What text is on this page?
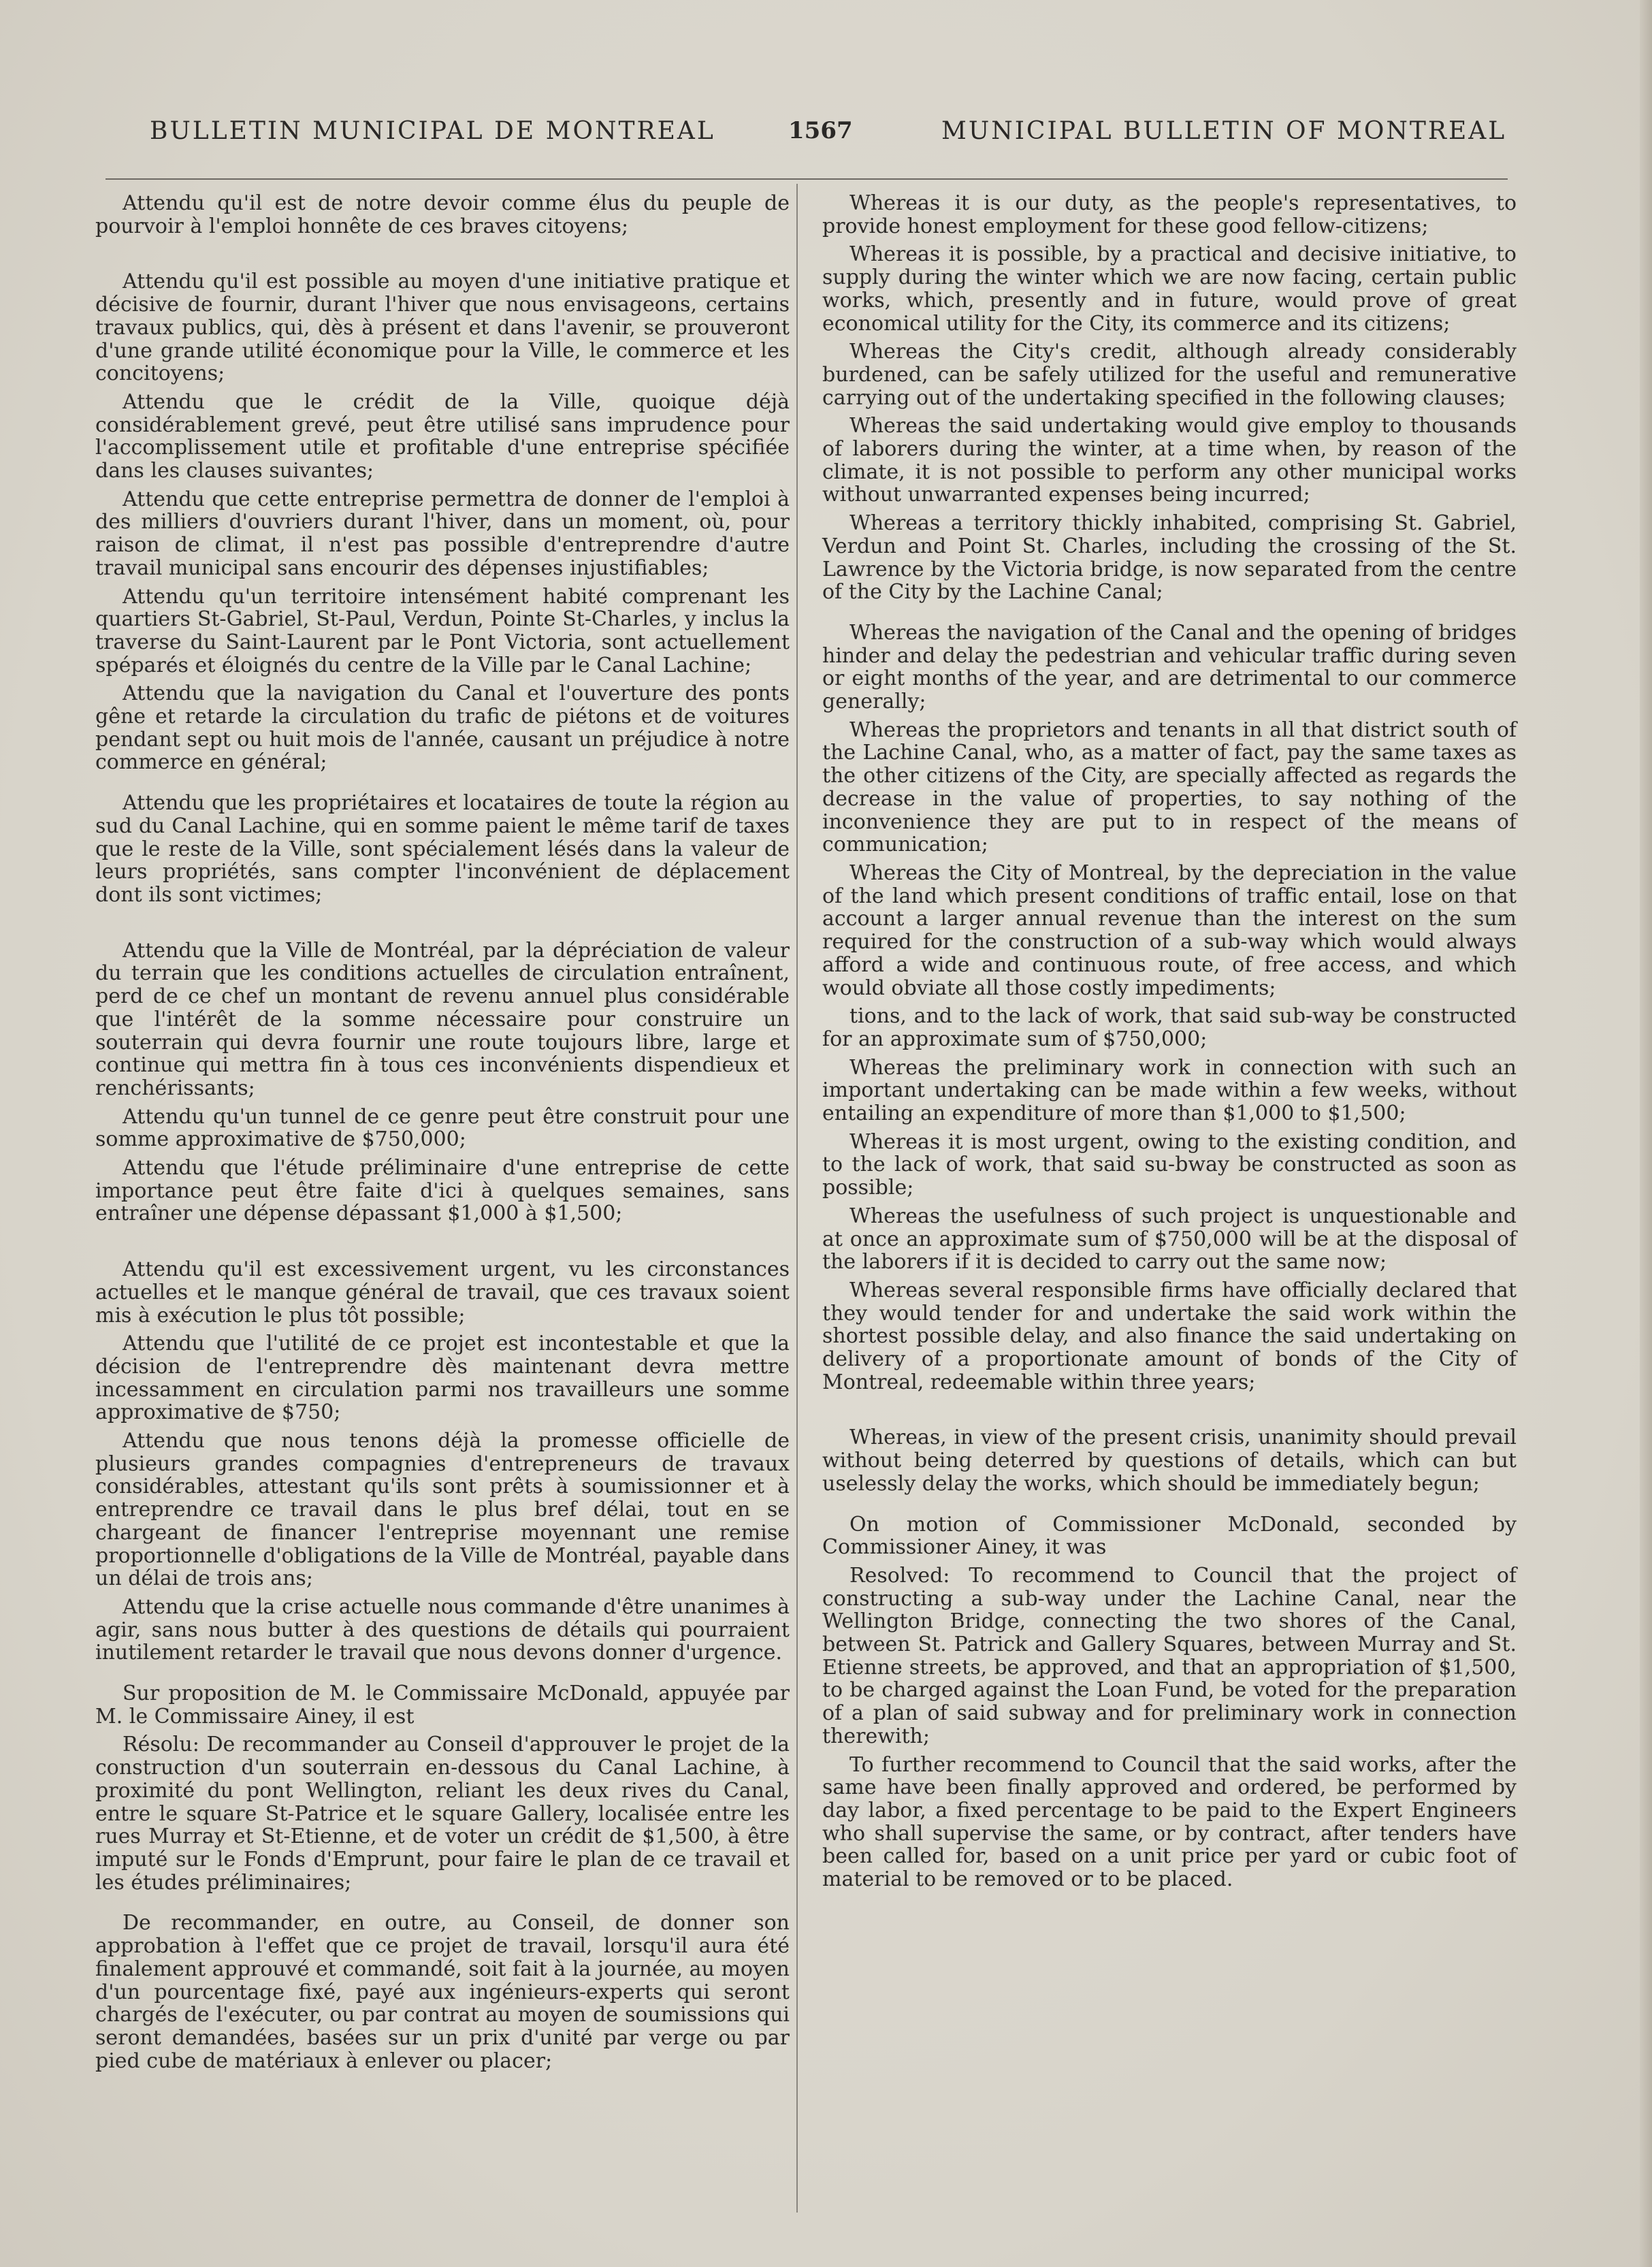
BULLETIN MUNICIPAL DE MONTREAL	1567	MUNICIPAL BULLETIN OF MONTREAL

Attendu qu'il est de notre devoir comme élus du peuple de pourvoir à l'emploi honnête de ces braves citoyens;

Attendu qu'il est possible au moyen d'une initiative pratique et décisive de fournir, durant l'hiver que nous envisageons, certains travaux publics, qui, dès à présent et dans l'avenir, se prouveront d'une grande utilité économique pour la Ville, le commerce et les concitoyens;

Attendu que le crédit de la Ville, quoique déjà considérablement grevé, peut être utilisé sans imprudence pour l'accomplissement utile et profitable d'une entreprise spécifiée dans les clauses suivantes;

Attendu que cette entreprise permettra de donner de l'emploi à des milliers d'ouvriers durant l'hiver, dans un moment, où, pour raison de climat, il n'est pas possible d'entreprendre d'autre travail municipal sans encourir des dépenses injustifiables;

Attendu qu'un territoire intensément habité comprenant les quartiers St-Gabriel, St-Paul, Verdun, Pointe St-Charles, y inclus la traverse du Saint-Laurent par le Pont Victoria, sont actuellement spéparés et éloignés du centre de la Ville par le Canal Lachine;

Attendu que la navigation du Canal et l'ouverture des ponts gêne et retarde la circulation du trafic de piétons et de voitures pendant sept ou huit mois de l'année, causant un préjudice à notre commerce en général;

Attendu que les propriétaires et locataires de toute la région au sud du Canal Lachine, qui en somme paient le même tarif de taxes que le reste de la Ville, sont spécialement lésés dans la valeur de leurs propriétés, sans compter l'inconvénient de déplacement dont ils sont victimes;

Attendu que la Ville de Montréal, par la dépréciation de valeur du terrain que les conditions actuelles de circulation entraînent, perd de ce chef un montant de revenu annuel plus considérable que l'intérêt de la somme nécessaire pour construire un souterrain qui devra fournir une route toujours libre, large et continue qui mettra fin à tous ces inconvénients dispendieux et renchérissants;

Attendu qu'un tunnel de ce genre peut être construit pour une somme approximative de $750,000;

Attendu que l'étude préliminaire d'une entreprise de cette importance peut être faite d'ici à quelques semaines, sans entraîner une dépense dépassant $1,000 à $1,500;

Attendu qu'il est excessivement urgent, vu les circonstances actuelles et le manque général de travail, que ces travaux soient mis à exécution le plus tôt possible;

Attendu que l'utilité de ce projet est incontestable et que la décision de l'entreprendre dès maintenant devra mettre incessamment en circulation parmi nos travailleurs une somme approximative de $750;

Attendu que nous tenons déjà la promesse officielle de plusieurs grandes compagnies d'entrepreneurs de travaux considérables, attestant qu'ils sont prêts à soumissionner et à entreprendre ce travail dans le plus bref délai, tout en se chargeant de financer l'entreprise moyennant une remise proportionnelle d'obligations de la Ville de Montréal, payable dans un délai de trois ans;

Attendu que la crise actuelle nous commande d'être unanimes à agir, sans nous butter à des questions de détails qui pourraient inutilement retarder le travail que nous devons donner d'urgence.

Sur proposition de M. le Commissaire McDonald, appuyée par M. le Commissaire Ainey, il est

Résolu: De recommander au Conseil d'approuver le projet de la construction d'un souterrain en-dessous du Canal Lachine, à proximité du pont Wellington, reliant les deux rives du Canal, entre le square St-Patrice et le square Gallery, localisée entre les rues Murray et St-Etienne, et de voter un crédit de $1,500, à être imputé sur le Fonds d'Emprunt, pour faire le plan de ce travail et les études préliminaires;

De recommander, en outre, au Conseil, de donner son approbation à l'effet que ce projet de travail, lorsqu'il aura été finalement approuvé et commandé, soit fait à la journée, au moyen d'un pourcentage fixé, payé aux ingénieurs-experts qui seront chargés de l'exécuter, ou par contrat au moyen de soumissions qui seront demandées, basées sur un prix d'unité par verge ou par pied cube de matériaux à enlever ou placer;

Whereas it is our duty, as the people's representatives, to provide honest employment for these good fellow-citizens;

Whereas it is possible, by a practical and decisive initiative, to supply during the winter which we are now facing, certain public works, which, presently and in future, would prove of great economical utility for the City, its commerce and its citizens;

Whereas the City's credit, although already considerably burdened, can be safely utilized for the useful and remunerative carrying out of the undertaking specified in the following clauses;

Whereas the said undertaking would give employ to thousands of laborers during the winter, at a time when, by reason of the climate, it is not possible to perform any other municipal works without unwarranted expenses being incurred;

Whereas a territory thickly inhabited, comprising St. Gabriel, Verdun and Point St. Charles, including the crossing of the St. Lawrence by the Victoria bridge, is now separated from the centre of the City by the Lachine Canal;

Whereas the navigation of the Canal and the opening of bridges hinder and delay the pedestrian and vehicular traffic during seven or eight months of the year, and are detrimental to our commerce generally;

Whereas the proprietors and tenants in all that district south of the Lachine Canal, who, as a matter of fact, pay the same taxes as the other citizens of the City, are specially affected as regards the decrease in the value of properties, to say nothing of the inconvenience they are put to in respect of the means of communication;

Whereas the City of Montreal, by the depreciation in the value of the land which present conditions of traffic entail, lose on that account a larger annual revenue than the interest on the sum required for the construction of a sub-way which would always afford a wide and continuous route, of free access, and which would obviate all those costly impediments;

tions, and to the lack of work, that said sub-way be constructed for an approximate sum of $750,000;

Whereas the preliminary work in connection with such an important undertaking can be made within a few weeks, without entailing an expenditure of more than $1,000 to $1,500;

Whereas it is most urgent, owing to the existing condition, and to the lack of work, that said su-bway be constructed as soon as possible;

Whereas the usefulness of such project is unquestionable and at once an approximate sum of $750,000 will be at the disposal of the laborers if it is decided to carry out the same now;

Whereas several responsible firms have officially declared that they would tender for and undertake the said work within the shortest possible delay, and also finance the said undertaking on delivery of a proportionate amount of bonds of the City of Montreal, redeemable within three years;

Whereas, in view of the present crisis, unanimity should prevail without being deterred by questions of details, which can but uselessly delay the works, which should be immediately begun;

On motion of Commissioner McDonald, seconded by Commissioner Ainey, it was

Resolved: To recommend to Council that the project of constructing a sub-way under the Lachine Canal, near the Wellington Bridge, connecting the two shores of the Canal, between St. Patrick and Gallery Squares, between Murray and St. Etienne streets, be approved, and that an appropriation of $1,500, to be charged against the Loan Fund, be voted for the preparation of a plan of said subway and for preliminary work in connection therewith;

To further recommend to Council that the said works, after the same have been finally approved and ordered, be performed by day labor, a fixed percentage to be paid to the Expert Engineers who shall supervise the same, or by contract, after tenders have been called for, based on a unit price per yard or cubic foot of material to be removed or to be placed.
